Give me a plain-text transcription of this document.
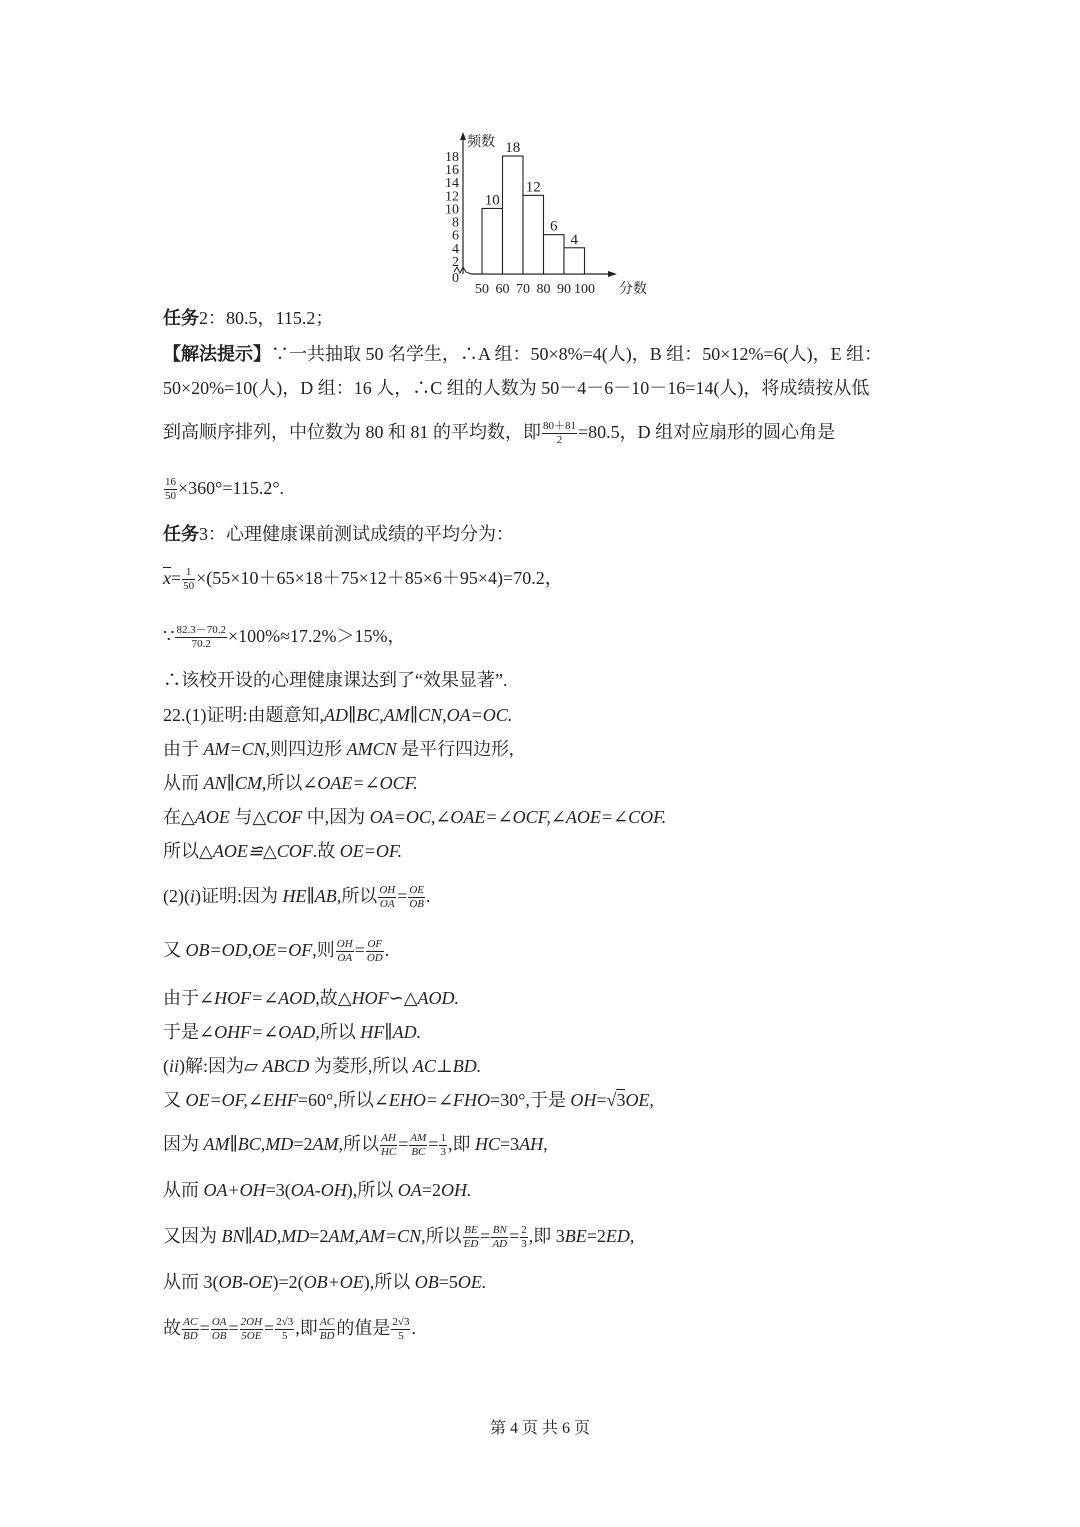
18
16
14
12
10
8
6
4
2
0
频数
10
18
12
6
4
50 60 70 80 90 100 分数
任务2：80.5，115.2；
【解法提示】∵一共抽取 50 名学生，∴A 组：50×8%=4(人)，B 组：50×12%=6(人)，E 组：
50×20%=10(人)，D 组：16 人，∴C 组的人数为 50－4－6－10－16=14(人)，将成绩按从低
到高顺序排列，中位数为 80 和 81 的平均数，即 $\frac{80+81}{2} =80.5$，D 组对应扇形的圆心角是
$\frac{16}{50} \times 360^\circ=115.2^\circ$.
任务3：心理健康课前测试成绩的平均分为：
$\overline{x}= \frac{1}{50} \times(55\times 10+65\times 18+75\times 12+85\times 6+95\times 4)=70.2$，
∵ $\frac{82.3-70.2}{70.2} \times 100\%\approx 17.2\%>15\%$，
∴该校开设的心理健康课达到了“效果显著”.
22.(1)证明:由题意知,AD∥BC,AM∥CN,OA=OC.
由于 AM=CN,则四边形 AMCN 是平行四边形,
从而 AN∥CM,所以∠OAE=∠OCF.
在△AOE 与△COF 中,因为 OA=OC,∠OAE=∠OCF,∠AOE=∠COF.
所以△AOE≌△COF.故 OE=OF.
(2)(i)证明:因为 HE∥AB,所以 $\frac{OH}{OA} = \frac{OE}{OB}$ .
又 OB=OD,OE=OF,则 $\frac{OH}{OA} = \frac{OF}{OD}$ .
由于∠HOF=∠AOD,故△HOF∽△AOD.
于是∠OHF=∠OAD,所以 HF∥AD.
(ii)解:因为▱ ABCD 为菱形,所以 AC⊥BD.
又 OE=OF,∠EHF=60°,所以∠EHO=∠FHO=30°,于是 OH=√3OE,
因为 AM∥BC,MD=2AM,所以 $\frac{AH}{HC} = \frac{AM}{BC} = \frac{1}{3}$ ,即 HC=3AH,
从而 OA+OH=3(OA-OH),所以 OA=2OH.
又因为 BN∥AD,MD=2AM,AM=CN,所以 $\frac{BE}{ED} = \frac{BN}{AD} = \frac{2}{3}$ ,即 3BE=2ED,
从而 3(OB-OE)=2(OB+OE),所以 OB=5OE.
故 $\frac{AC}{BD} = \frac{OA}{OB} = \frac{2OH}{5OE} = \frac{2√3}{5}$ ,即 $\frac{AC}{BD}$ 的值是 $\frac{2√3}{5}$ .
第 4 页 共 6 页
